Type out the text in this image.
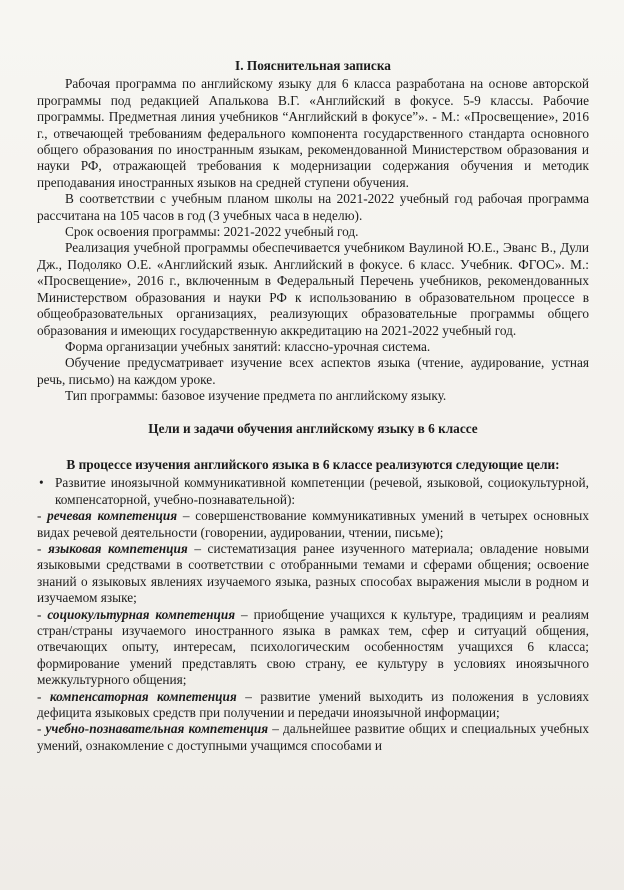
I. Пояснительная записка

Рабочая программа по английскому языку для 6 класса разработана на основе авторской программы под редакцией Апалькова В.Г. «Английский в фокусе. 5-9 классы. Рабочие программы. Предметная линия учебников “Английский в фокусе”». - М.: «Просвещение», 2016 г., отвечающей требованиям федерального компонента государственного стандарта основного общего образования по иностранным языкам, рекомендованной Министерством образования и науки РФ, отражающей требования к модернизации содержания обучения и методик преподавания иностранных языков на средней ступени обучения.

В соответствии с учебным планом школы на 2021-2022 учебный год рабочая программа рассчитана на 105 часов в год (3 учебных часа в неделю).

Срок освоения программы: 2021-2022 учебный год.

Реализация учебной программы обеспечивается учебником Ваулиной Ю.Е., Эванс В., Дули Дж., Подоляко О.Е. «Английский язык. Английский в фокусе. 6 класс. Учебник. ФГОС». М.: «Просвещение», 2016 г., включенным в Федеральный Перечень учебников, рекомендованных Министерством образования и науки РФ к использованию в образовательном процессе в общеобразовательных организациях, реализующих образовательные программы общего образования и имеющих государственную аккредитацию на 2021-2022 учебный год.

Форма организации учебных занятий: классно-урочная система.

Обучение предусматривает изучение всех аспектов языка (чтение, аудирование, устная речь, письмо) на каждом уроке.

Тип программы: базовое изучение предмета по английскому языку.

Цели и задачи обучения английскому языку в 6 классе
В процессе изучения английского языка в 6 классе реализуются следующие цели:
• Развитие иноязычной коммуникативной компетенции (речевой, языковой, социокультурной, компенсаторной, учебно-познавательной):

- речевая компетенция – совершенствование коммуникативных умений в четырех основных видах речевой деятельности (говорении, аудировании, чтении, письме);

- языковая компетенция – систематизация ранее изученного материала; овладение новыми языковыми средствами в соответствии с отобранными темами и сферами общения; освоение знаний о языковых явлениях изучаемого языка, разных способах выражения мысли в родном и изучаемом языке;

- социокультурная компетенция – приобщение учащихся к культуре, традициям и реалиям стран/страны изучаемого иностранного языка в рамках тем, сфер и ситуаций общения, отвечающих опыту, интересам, психологическим особенностям учащихся 6 класса; формирование умений представлять свою страну, ее культуру в условиях иноязычного межкультурного общения;

- компенсаторная компетенция – развитие умений выходить из положения в условиях дефицита языковых средств при получении и передачи иноязычной информации;

- учебно-познавательная компетенция – дальнейшее развитие общих и специальных учебных умений, ознакомление с доступными учащимся способами и
